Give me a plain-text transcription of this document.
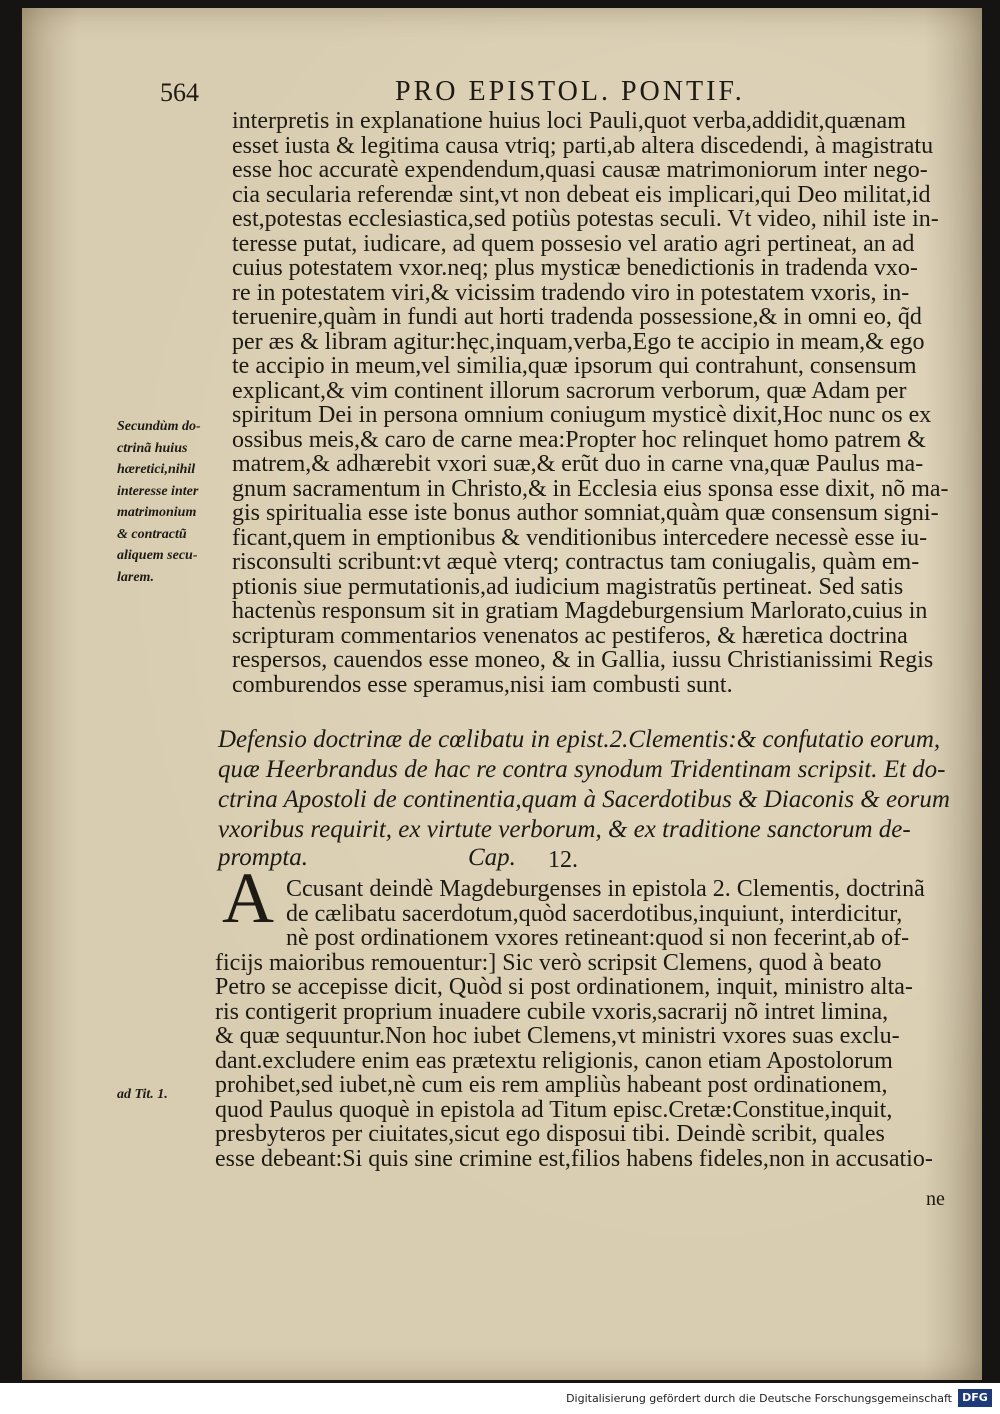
564	PRO EPISTOL. PONTIF.
interpretis in explanatione huius loci Pauli,quot verba,addidit,quænam
esset iusta & legitima causa vtriq; parti,ab altera discedendi, à magistratu
esse hoc accuratè expendendum,quasi causæ matrimoniorum inter nego-
cia secularia referendæ sint,vt non debeat eis implicari,qui Deo militat,id
est,potestas ecclesiastica,sed potiùs potestas seculi. Vt video, nihil iste in-
teresse putat, iudicare, ad quem possesio vel aratio agri pertineat, an ad
cuius potestatem vxor.neq; plus mysticæ benedictionis in tradenda vxo-
re in potestatem viri,& vicissim tradendo viro in potestatem vxoris, in-
teruenire,quàm in fundi aut horti tradenda possessione,& in omni eo, q̃d
per æs & libram agitur:hęc,inquam,verba,Ego te accipio in meam,& ego
te accipio in meum,vel similia,quæ ipsorum qui contrahunt, consensum
explicant,& vim continent illorum sacrorum verborum, quæ Adam per
spiritum Dei in persona omnium coniugum mysticè dixit,Hoc nunc os ex
ossibus meis,& caro de carne mea:Propter hoc relinquet homo patrem &
matrem,& adhærebit vxori suæ,& erũt duo in carne vna,quæ Paulus ma-
gnum sacramentum in Christo,& in Ecclesia eius sponsa esse dixit, nõ ma-
gis spiritualia esse iste bonus author somniat,quàm quæ consensum signi-
ficant,quem in emptionibus & venditionibus intercedere necessè esse iu-
risconsulti scribunt:vt æquè vterq; contractus tam coniugalis, quàm em-
ptionis siue permutationis,ad iudicium magistratũs pertineat. Sed satis
hactenùs responsum sit in gratiam Magdeburgensium Marlorato,cuius in
scripturam commentarios venenatos ac pestiferos, & hæretica doctrina
respersos, cauendos esse moneo, & in Gallia, iussu Christianissimi Regis
comburendos esse speramus,nisi iam combusti sunt.
Secundùm do-
ctrinã huius
hæretici,nihil
interesse inter
matrimonium
& contractũ
aliquem secu-
larem.
Defensio doctrinæ de cœlibatu in epist.2.Clementis:& confutatio eorum,
quæ Heerbrandus de hac re contra synodum Tridentinam scripsit. Et do-
ctrina Apostoli de continentia,quam à Sacerdotibus & Diaconis & eorum
vxoribus requirit, ex virtute verborum, & ex traditione sanctorum de-
prompta.	Cap. 12.
A Ccusant deindè Magdeburgenses in epistola 2. Clementis, doctrinã
de cælibatu sacerdotum,quòd sacerdotibus,inquiunt, interdicitur,
nè post ordinationem vxores retineant:quod si non fecerint,ab of-
ficijs maioribus remouentur:] Sic verò scripsit Clemens, quod à beato
Petro se accepisse dicit, Quòd si post ordinationem, inquit, ministro alta-
ris contigerit proprium inuadere cubile vxoris,sacrarij nõ intret limina,
& quæ sequuntur.Non hoc iubet Clemens,vt ministri vxores suas exclu-
dant.excludere enim eas prætextu religionis, canon etiam Apostolorum
prohibet,sed iubet,nè cum eis rem ampliùs habeant post ordinationem,
quod Paulus quoquè in epistola ad Titum episc.Cretæ:Constitue,inquit,
presbyteros per ciuitates,sicut ego disposui tibi. Deindè scribit, quales
esse debeant:Si quis sine crimine est,filios habens fideles,non in accusatio-
ad Tit. 1.
ne
Digitalisierung gefördert durch die Deutsche Forschungsgemeinschaft DFG
